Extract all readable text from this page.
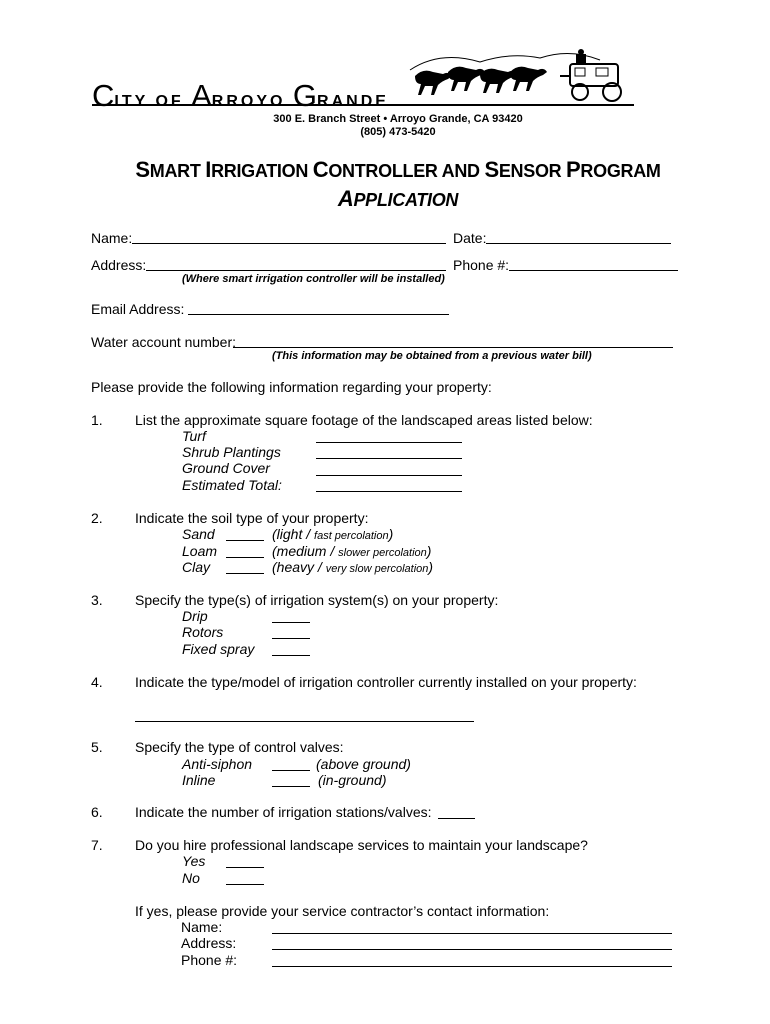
CITY OF ARROYO GRANDE
300 E. Branch Street • Arroyo Grande, CA 93420
(805) 473-5420
SMART IRRIGATION CONTROLLER AND SENSOR PROGRAM
APPLICATION
Name:	Date:
Address:	Phone #:
(Where smart irrigation controller will be installed)
Email Address:
Water account number:
(This information may be obtained from a previous water bill)
Please provide the following information regarding your property:
1. List the approximate square footage of the landscaped areas listed below:
Turf
Shrub Plantings
Ground Cover
Estimated Total:
2. Indicate the soil type of your property:
Sand	(light / fast percolation)
Loam	(medium / slower percolation)
Clay	(heavy / very slow percolation)
3. Specify the type(s) of irrigation system(s) on your property:
Drip
Rotors
Fixed spray
4. Indicate the type/model of irrigation controller currently installed on your property:
5. Specify the type of control valves:
Anti-siphon	(above ground)
Inline	(in-ground)
6. Indicate the number of irrigation stations/valves:
7. Do you hire professional landscape services to maintain your landscape?
Yes
No
If yes, please provide your service contractor’s contact information:
Name:
Address:
Phone #:
